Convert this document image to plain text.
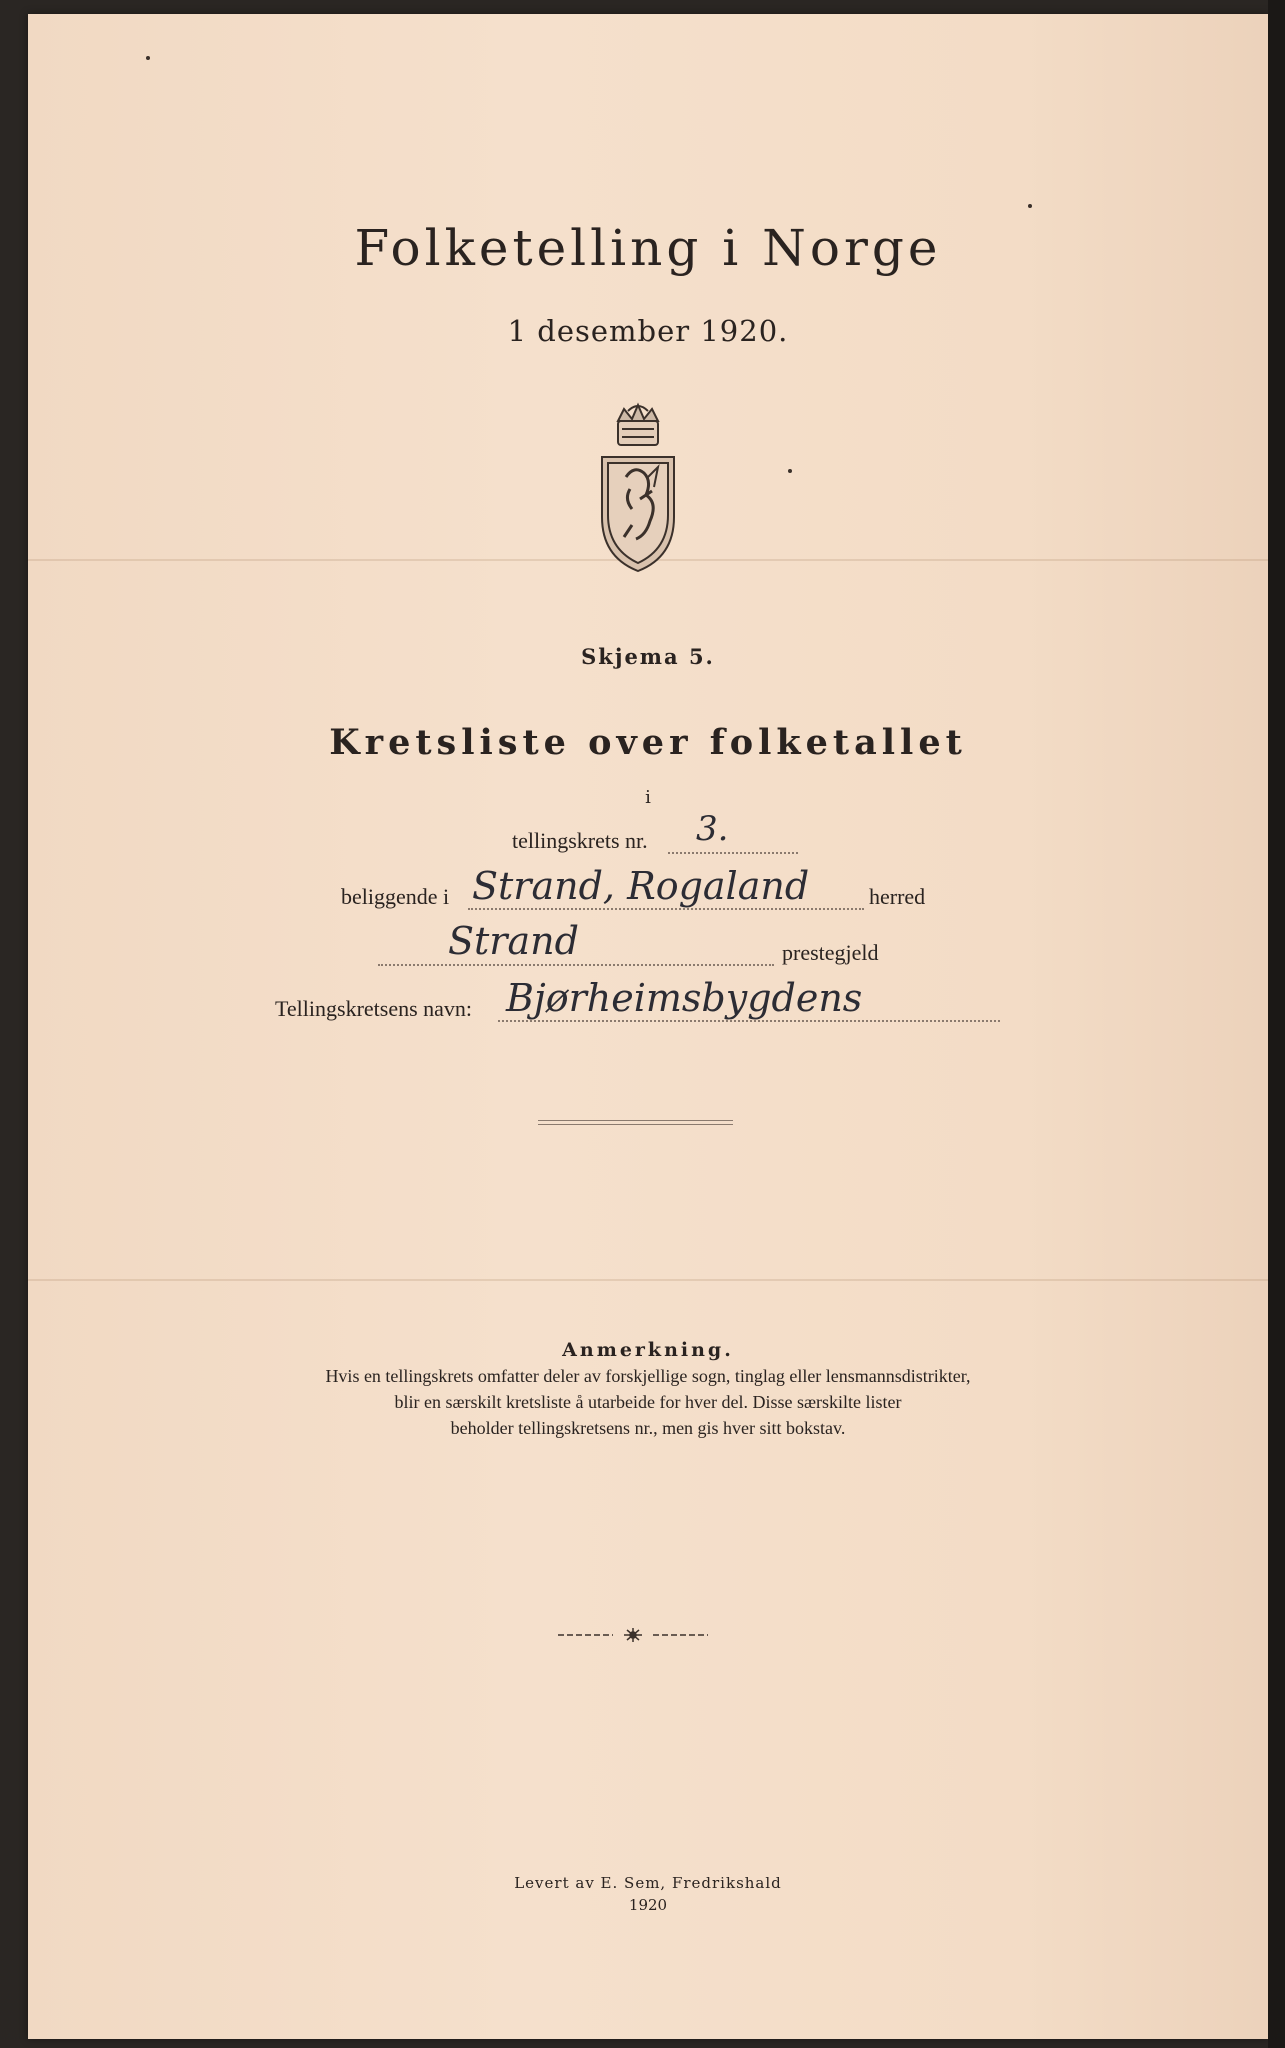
Folketelling i Norge
1 desember 1920.
Skjema 5.
Kretsliste over folketallet
i
tellingskrets nr. 3.
beliggende i Strand, Rogaland	herred
Strand	prestegjeld
Tellingskretsens navn: Bjørheimsbygdens
Anmerkning.
Hvis en tellingskrets omfatter deler av forskjellige sogn, tinglag eller lensmannsdistrikter,
blir en særskilt kretsliste å utarbeide for hver del. Disse særskilte lister
beholder tellingskretsens nr., men gis hver sitt bokstav.
Levert av E. Sem, Fredrikshald
1920
